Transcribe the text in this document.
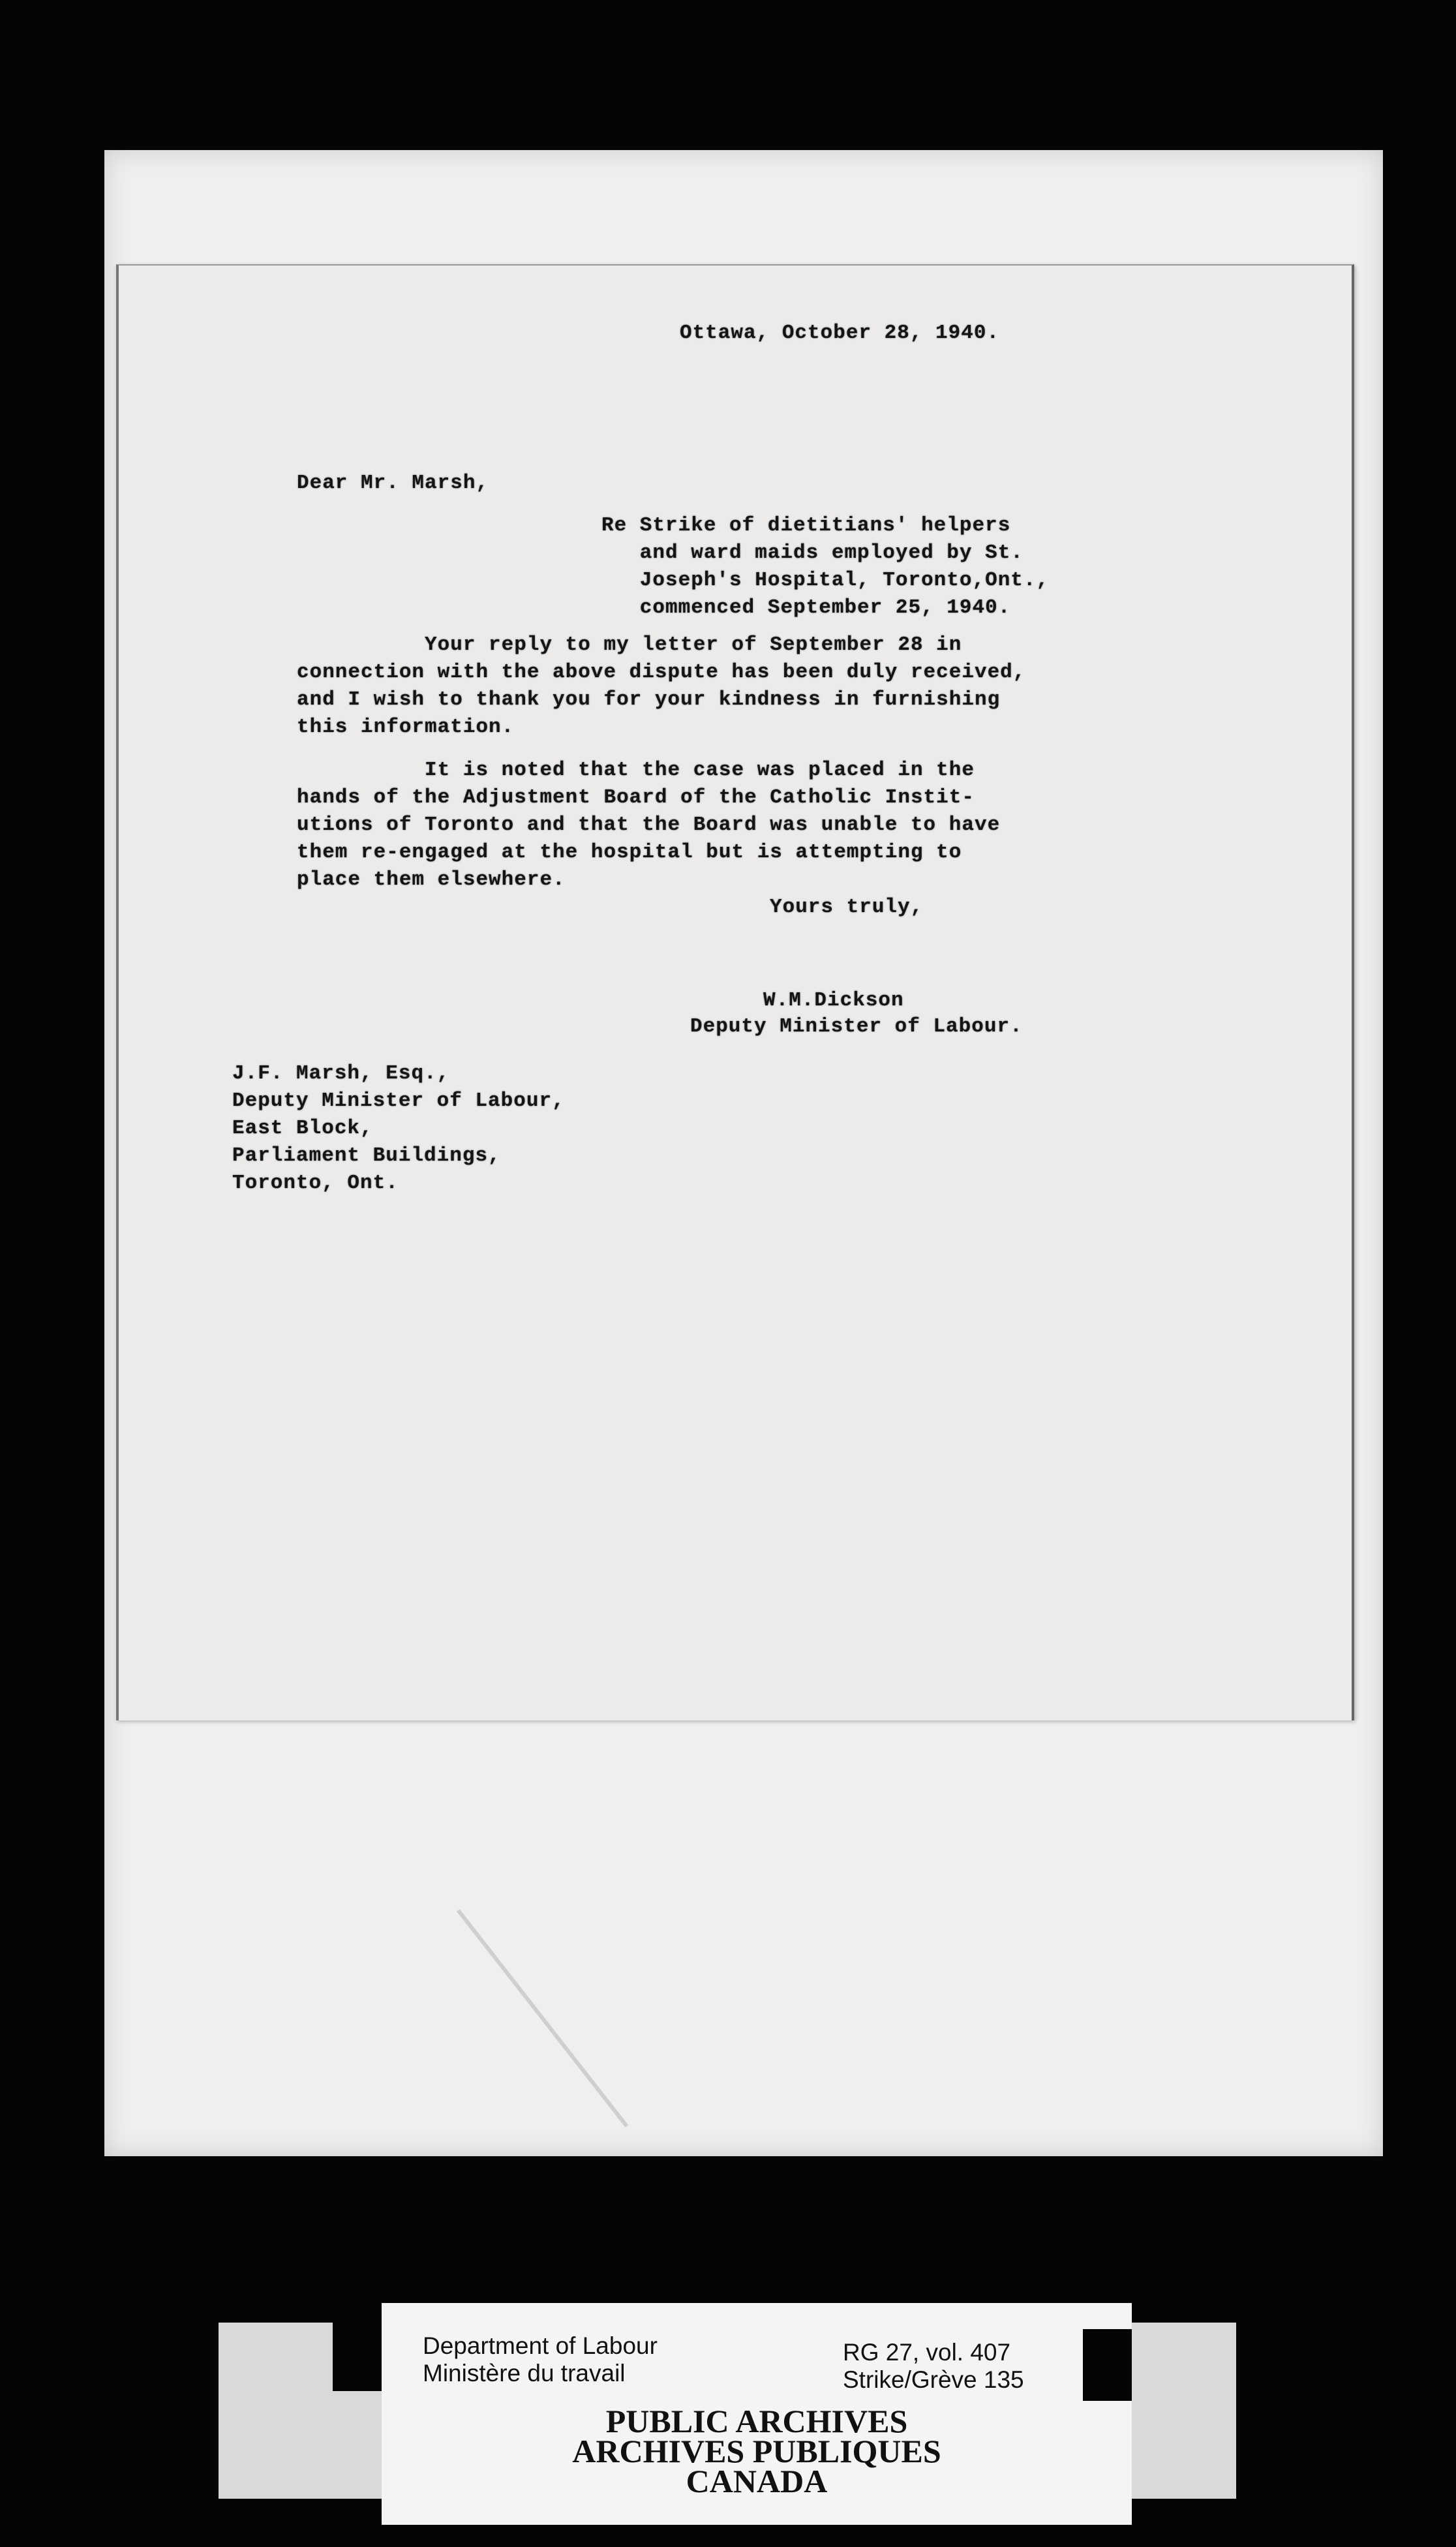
Ottawa, October 28, 1940.

Dear Mr. Marsh,

Re Strike of dietitians' helpers
and ward maids employed by St.
Joseph's Hospital, Toronto,Ont.,
commenced September 25, 1940.
Your reply to my letter of September 28 in
connection with the above dispute has been duly received,
and I wish to thank you for your kindness in furnishing
this information.
It is noted that the case was placed in the
hands of the Adjustment Board of the Catholic Instit-
utions of Toronto and that the Board was unable to have
them re-engaged at the hospital but is attempting to
place them elsewhere.

Yours truly,

W.M.Dickson

Deputy Minister of Labour.

J.F. Marsh, Esq.,
Deputy Minister of Labour,
East Block,
Parliament Buildings,
Toronto, Ont.

Department of Labour

Ministère du travail

RG 27, vol. 407

Strike/Grève 135

PUBLIC ARCHIVES

ARCHIVES PUBLIQUES

CANADA
